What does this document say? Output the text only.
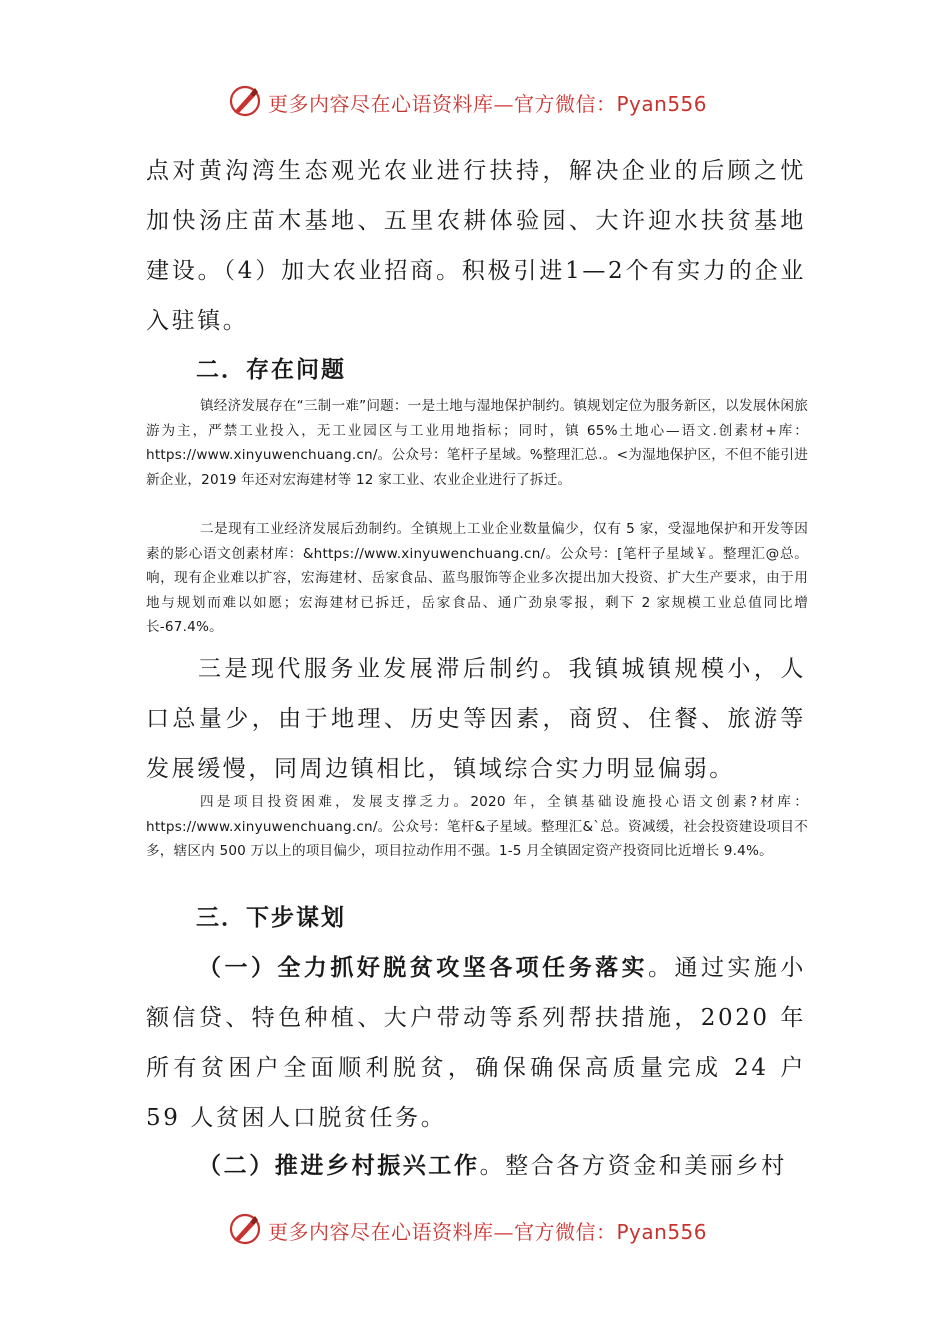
更多内容尽在心语资料库—官方微信：Pyan556
点对黄沟湾生态观光农业进行扶持，解决企业的后顾之忧加快汤庄苗木基地、五里农耕体验园、大许迎水扶贫基地建设。（4）加大农业招商。积极引进1—2个有实力的企业入驻镇。
二．存在问题
镇经济发展存在“三制一难”问题：一是土地与湿地保护制约。镇规划定位为服务新区，以发展休闲旅游为主，严禁工业投入，无工业园区与工业用地指标；同时，镇 65%土地心—语文.创素材+库：https://www.xinyuwenchuang.cn/。公众号：笔杆子星域。%整理汇总.。<为湿地保护区，不但不能引进新企业，2019 年还对宏海建材等 12 家工业、农业企业进行了拆迁。
二是现有工业经济发展后劲制约。全镇规上工业企业数量偏少，仅有 5 家，受湿地保护和开发等因素的影心语文创素材库：&https://www.xinyuwenchuang.cn/。公众号：[笔杆子星域￥。整理汇@总。响，现有企业难以扩容，宏海建材、岳家食品、蓝鸟服饰等企业多次提出加大投资、扩大生产要求，由于用地与规划而难以如愿；宏海建材已拆迁，岳家食品、通广劲泉零报，剩下 2 家规模工业总值同比增长-67.4%。
三是现代服务业发展滞后制约。我镇城镇规模小，人口总量少，由于地理、历史等因素，商贸、住餐、旅游等发展缓慢，同周边镇相比，镇域综合实力明显偏弱。
四是项目投资困难，发展支撑乏力。2020 年，全镇基础设施投心语文创素?材库：https://www.xinyuwenchuang.cn/。公众号：笔杆&子星域。整理汇&`总。资减缓，社会投资建设项目不多，辖区内 500 万以上的项目偏少，项目拉动作用不强。1-5 月全镇固定资产投资同比近增长 9.4%。
三．下步谋划
（一）全力抓好脱贫攻坚各项任务落实。通过实施小额信贷、特色种植、大户带动等系列帮扶措施，2020 年所有贫困户全面顺利脱贫，确保确保高质量完成 24 户 59 人贫困人口脱贫任务。
（二）推进乡村振兴工作。整合各方资金和美丽乡村
更多内容尽在心语资料库—官方微信：Pyan556
